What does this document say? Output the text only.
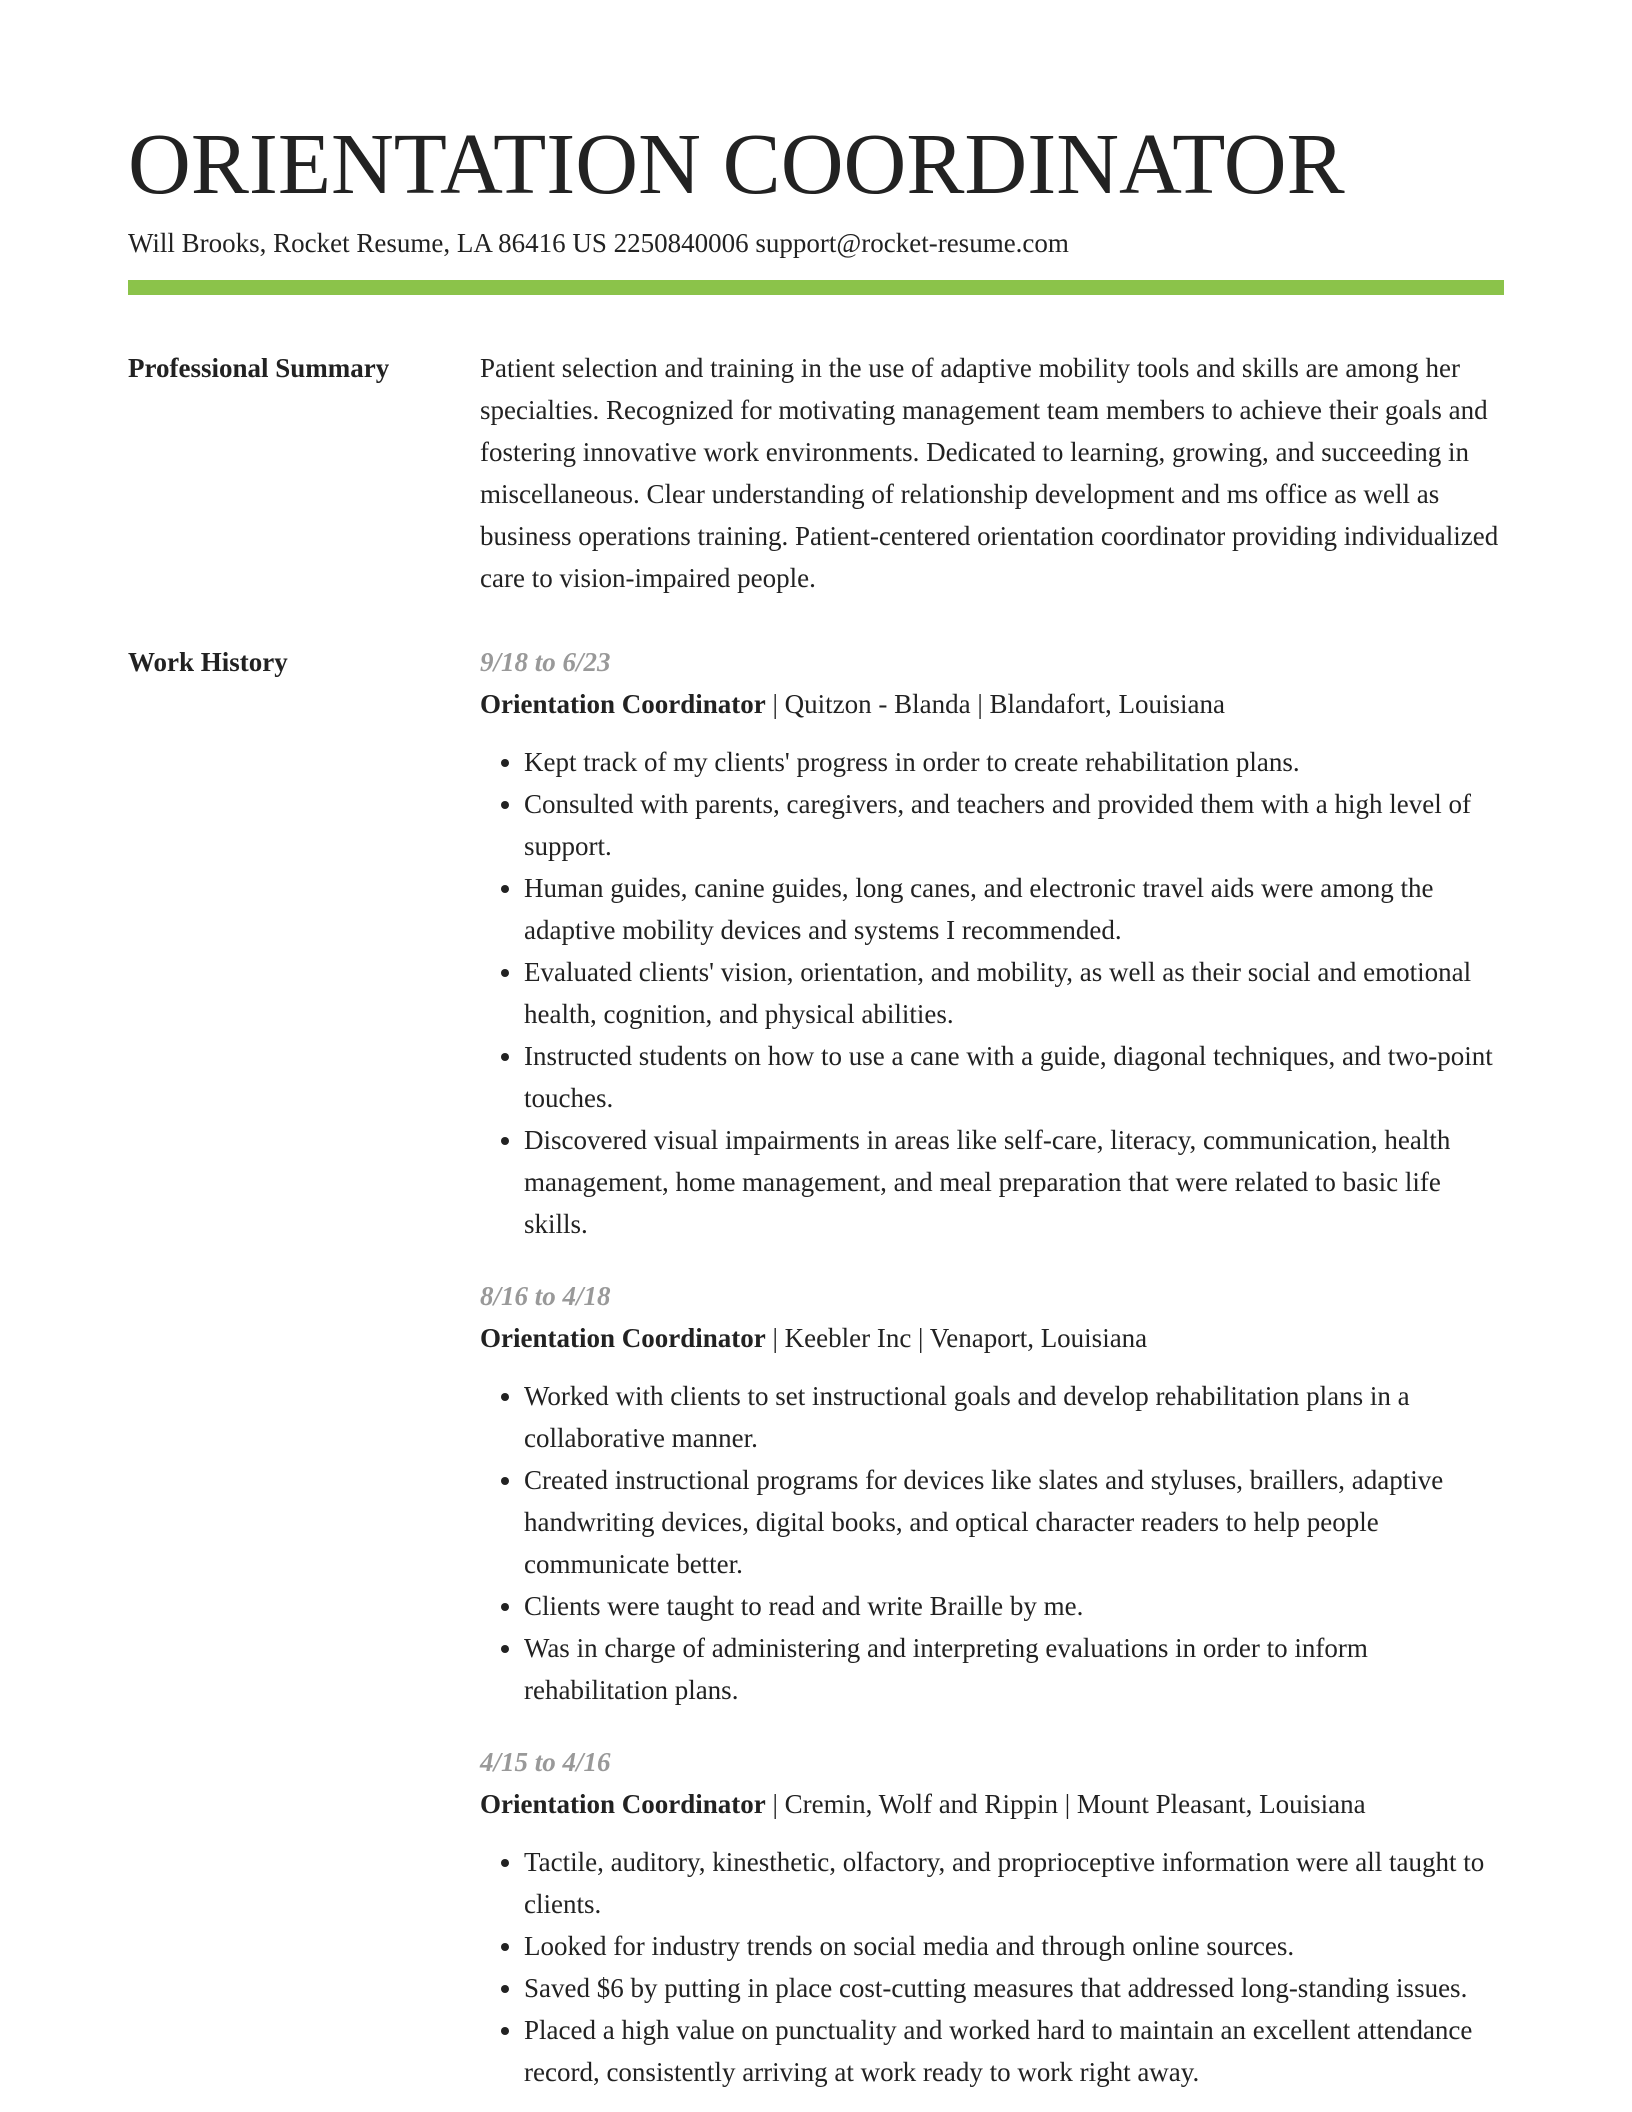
ORIENTATION COORDINATOR
Will Brooks, Rocket Resume, LA 86416 US 2250840006 support@rocket-resume.com
Professional Summary	Patient selection and training in the use of adaptive mobility tools and skills are among her specialties. Recognized for motivating management team members to achieve their goals and fostering innovative work environments. Dedicated to learning, growing, and succeeding in miscellaneous. Clear understanding of relationship development and ms office as well as business operations training. Patient-centered orientation coordinator providing individualized care to vision-impaired people.
Work History	9/18 to 6/23
Orientation Coordinator | Quitzon - Blanda | Blandafort, Louisiana
• Kept track of my clients' progress in order to create rehabilitation plans.
• Consulted with parents, caregivers, and teachers and provided them with a high level of support.
• Human guides, canine guides, long canes, and electronic travel aids were among the adaptive mobility devices and systems I recommended.
• Evaluated clients' vision, orientation, and mobility, as well as their social and emotional health, cognition, and physical abilities.
• Instructed students on how to use a cane with a guide, diagonal techniques, and two-point touches.
• Discovered visual impairments in areas like self-care, literacy, communication, health management, home management, and meal preparation that were related to basic life skills.
8/16 to 4/18
Orientation Coordinator | Keebler Inc | Venaport, Louisiana
• Worked with clients to set instructional goals and develop rehabilitation plans in a collaborative manner.
• Created instructional programs for devices like slates and styluses, braillers, adaptive handwriting devices, digital books, and optical character readers to help people communicate better.
• Clients were taught to read and write Braille by me.
• Was in charge of administering and interpreting evaluations in order to inform rehabilitation plans.
4/15 to 4/16
Orientation Coordinator | Cremin, Wolf and Rippin | Mount Pleasant, Louisiana
• Tactile, auditory, kinesthetic, olfactory, and proprioceptive information were all taught to clients.
• Looked for industry trends on social media and through online sources.
• Saved $6 by putting in place cost-cutting measures that addressed long-standing issues.
• Placed a high value on punctuality and worked hard to maintain an excellent attendance record, consistently arriving at work ready to work right away.
